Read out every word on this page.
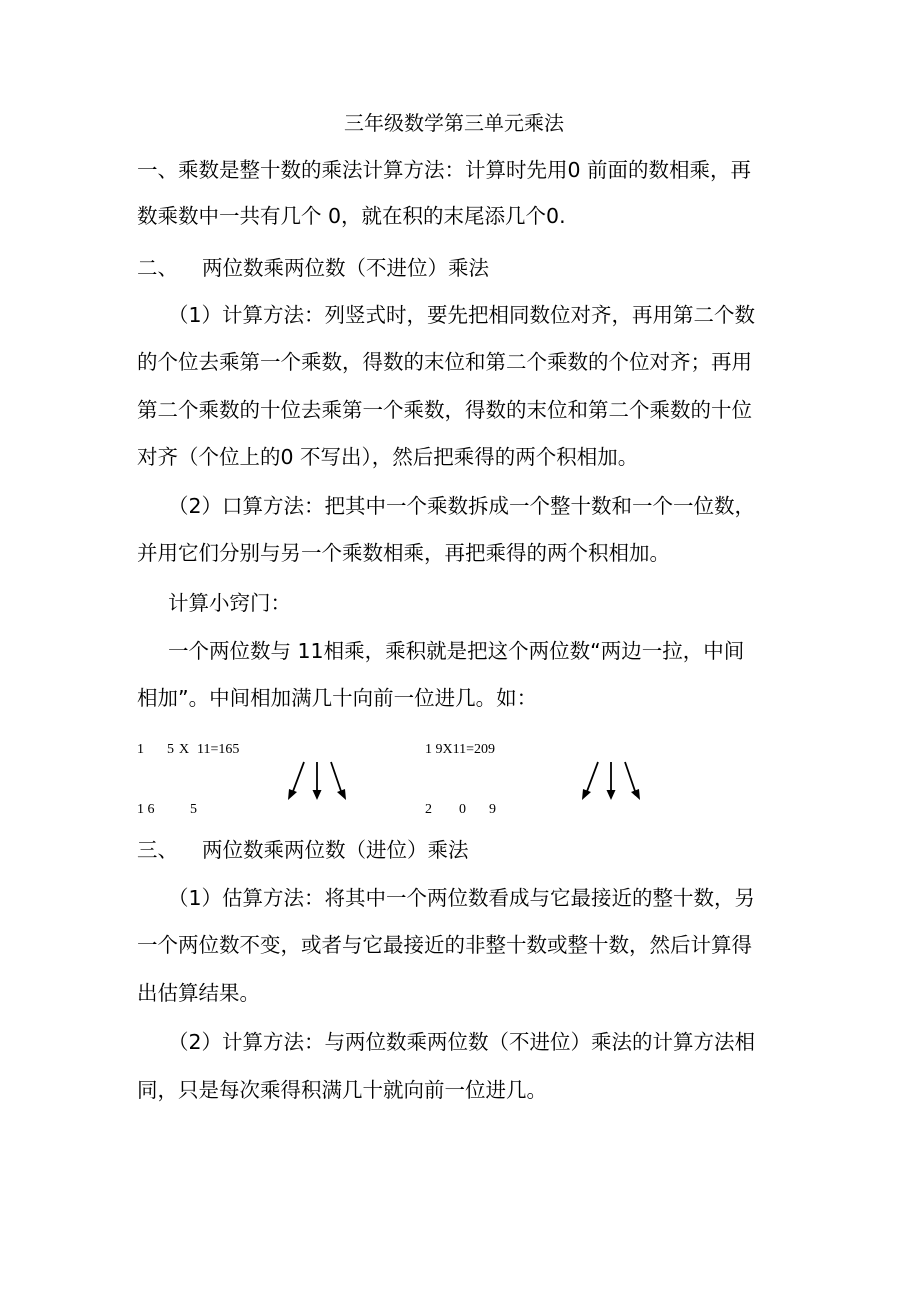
三年级数学第三单元乘法
一、乘数是整十数的乘法计算方法：计算时先用0 前面的数相乘，再
数乘数中一共有几个 0，就在积的末尾添几个0.
二、 两位数乘两位数（不进位）乘法
（1）计算方法：列竖式时，要先把相同数位对齐，再用第二个数
的个位去乘第一个乘数，得数的末位和第二个乘数的个位对齐；再用
第二个乘数的十位去乘第一个乘数，得数的末位和第二个乘数的十位
对齐（个位上的0 不写出），然后把乘得的两个积相加。
（2）口算方法：把其中一个乘数拆成一个整十数和一个一位数，
并用它们分别与另一个乘数相乘，再把乘得的两个积相加。
计算小窍门：
一个两位数与 11相乘，乘积就是把这个两位数“两边一拉，中间
相加”。中间相加满几十向前一位进几。如：
1 5 X 11=165
1 6	5
1 9X11=209
2 0 9
三、 两位数乘两位数（进位）乘法
（1）估算方法：将其中一个两位数看成与它最接近的整十数，另
一个两位数不变，或者与它最接近的非整十数或整十数，然后计算得
出估算结果。
（2）计算方法：与两位数乘两位数（不进位）乘法的计算方法相
同，只是每次乘得积满几十就向前一位进几。
